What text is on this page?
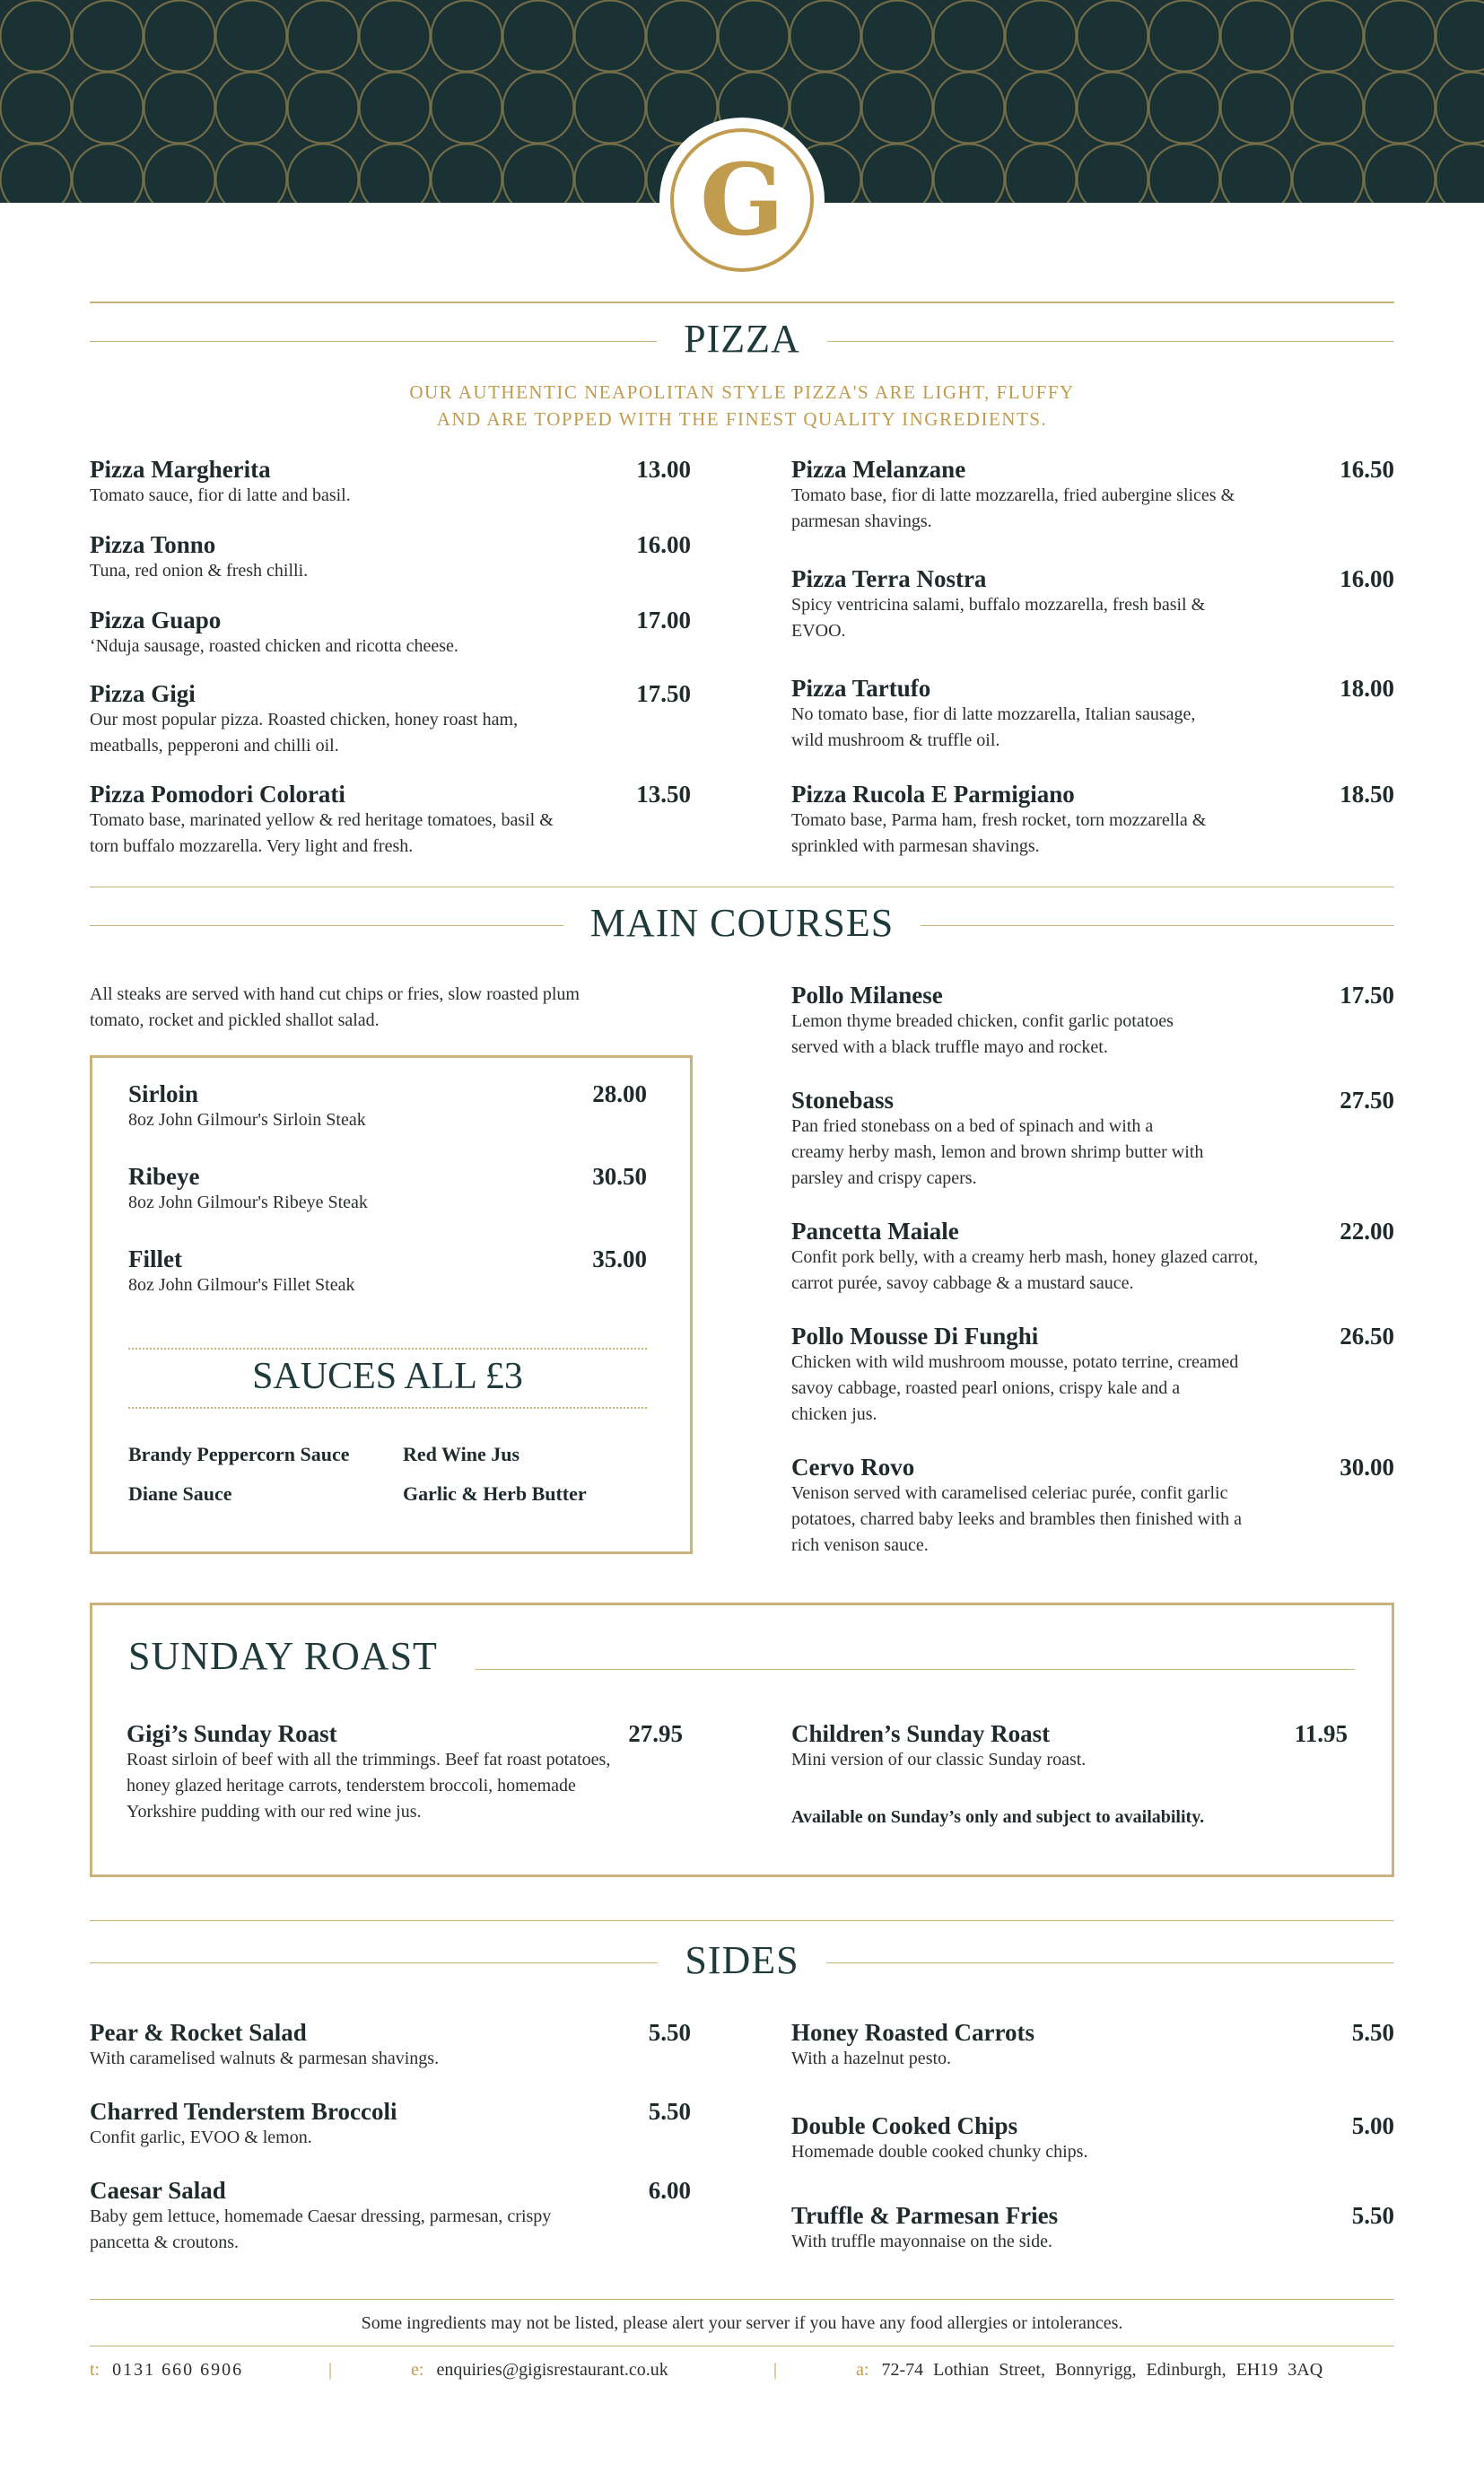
G
PIZZA
OUR AUTHENTIC NEAPOLITAN STYLE PIZZA'S ARE LIGHT, FLUFFY
AND ARE TOPPED WITH THE FINEST QUALITY INGREDIENTS.
Pizza Margherita	13.00
Tomato sauce, fior di latte and basil.
Pizza Tonno	16.00
Tuna, red onion & fresh chilli.
Pizza Guapo	17.00
‘Nduja sausage, roasted chicken and ricotta cheese.
Pizza Gigi	17.50
Our most popular pizza. Roasted chicken, honey roast ham, meatballs, pepperoni and chilli oil.
Pizza Pomodori Colorati	13.50
Tomato base, marinated yellow & red heritage tomatoes, basil & torn buffalo mozzarella. Very light and fresh.
Pizza Melanzane	16.50
Tomato base, fior di latte mozzarella, fried aubergine slices & parmesan shavings.
Pizza Terra Nostra	16.00
Spicy ventricina salami, buffalo mozzarella, fresh basil & EVOO.
Pizza Tartufo	18.00
No tomato base, fior di latte mozzarella, Italian sausage, wild mushroom & truffle oil.
Pizza Rucola E Parmigiano	18.50
Tomato base, Parma ham, fresh rocket, torn mozzarella & sprinkled with parmesan shavings.
MAIN COURSES
All steaks are served with hand cut chips or fries, slow roasted plum tomato, rocket and pickled shallot salad.
Sirloin	28.00
8oz John Gilmour's Sirloin Steak
Ribeye	30.50
8oz John Gilmour's Ribeye Steak
Fillet	35.00
8oz John Gilmour's Fillet Steak
SAUCES ALL £3
Brandy Peppercorn Sauce	Red Wine Jus
Diane Sauce	Garlic & Herb Butter
Pollo Milanese	17.50
Lemon thyme breaded chicken, confit garlic potatoes served with a black truffle mayo and rocket.
Stonebass	27.50
Pan fried stonebass on a bed of spinach and with a creamy herby mash, lemon and brown shrimp butter with parsley and crispy capers.
Pancetta Maiale	22.00
Confit pork belly, with a creamy herb mash, honey glazed carrot, carrot purée, savoy cabbage & a mustard sauce.
Pollo Mousse Di Funghi	26.50
Chicken with wild mushroom mousse, potato terrine, creamed savoy cabbage, roasted pearl onions, crispy kale and a chicken jus.
Cervo Rovo	30.00
Venison served with caramelised celeriac purée, confit garlic potatoes, charred baby leeks and brambles then finished with a rich venison sauce.
SUNDAY ROAST
Gigi’s Sunday Roast	27.95
Roast sirloin of beef with all the trimmings. Beef fat roast potatoes, honey glazed heritage carrots, tenderstem broccoli, homemade Yorkshire pudding with our red wine jus.
Children’s Sunday Roast	11.95
Mini version of our classic Sunday roast.
Available on Sunday’s only and subject to availability.
SIDES
Pear & Rocket Salad	5.50
With caramelised walnuts & parmesan shavings.
Charred Tenderstem Broccoli	5.50
Confit garlic, EVOO & lemon.
Caesar Salad	6.00
Baby gem lettuce, homemade Caesar dressing, parmesan, crispy pancetta & croutons.
Honey Roasted Carrots	5.50
With a hazelnut pesto.
Double Cooked Chips	5.00
Homemade double cooked chunky chips.
Truffle & Parmesan Fries	5.50
With truffle mayonnaise on the side.
Some ingredients may not be listed, please alert your server if you have any food allergies or intolerances.
t: 0131 660 6906	|	e: enquiries@gigisrestaurant.co.uk	|	a: 72-74 Lothian Street, Bonnyrigg, Edinburgh, EH19 3AQ
